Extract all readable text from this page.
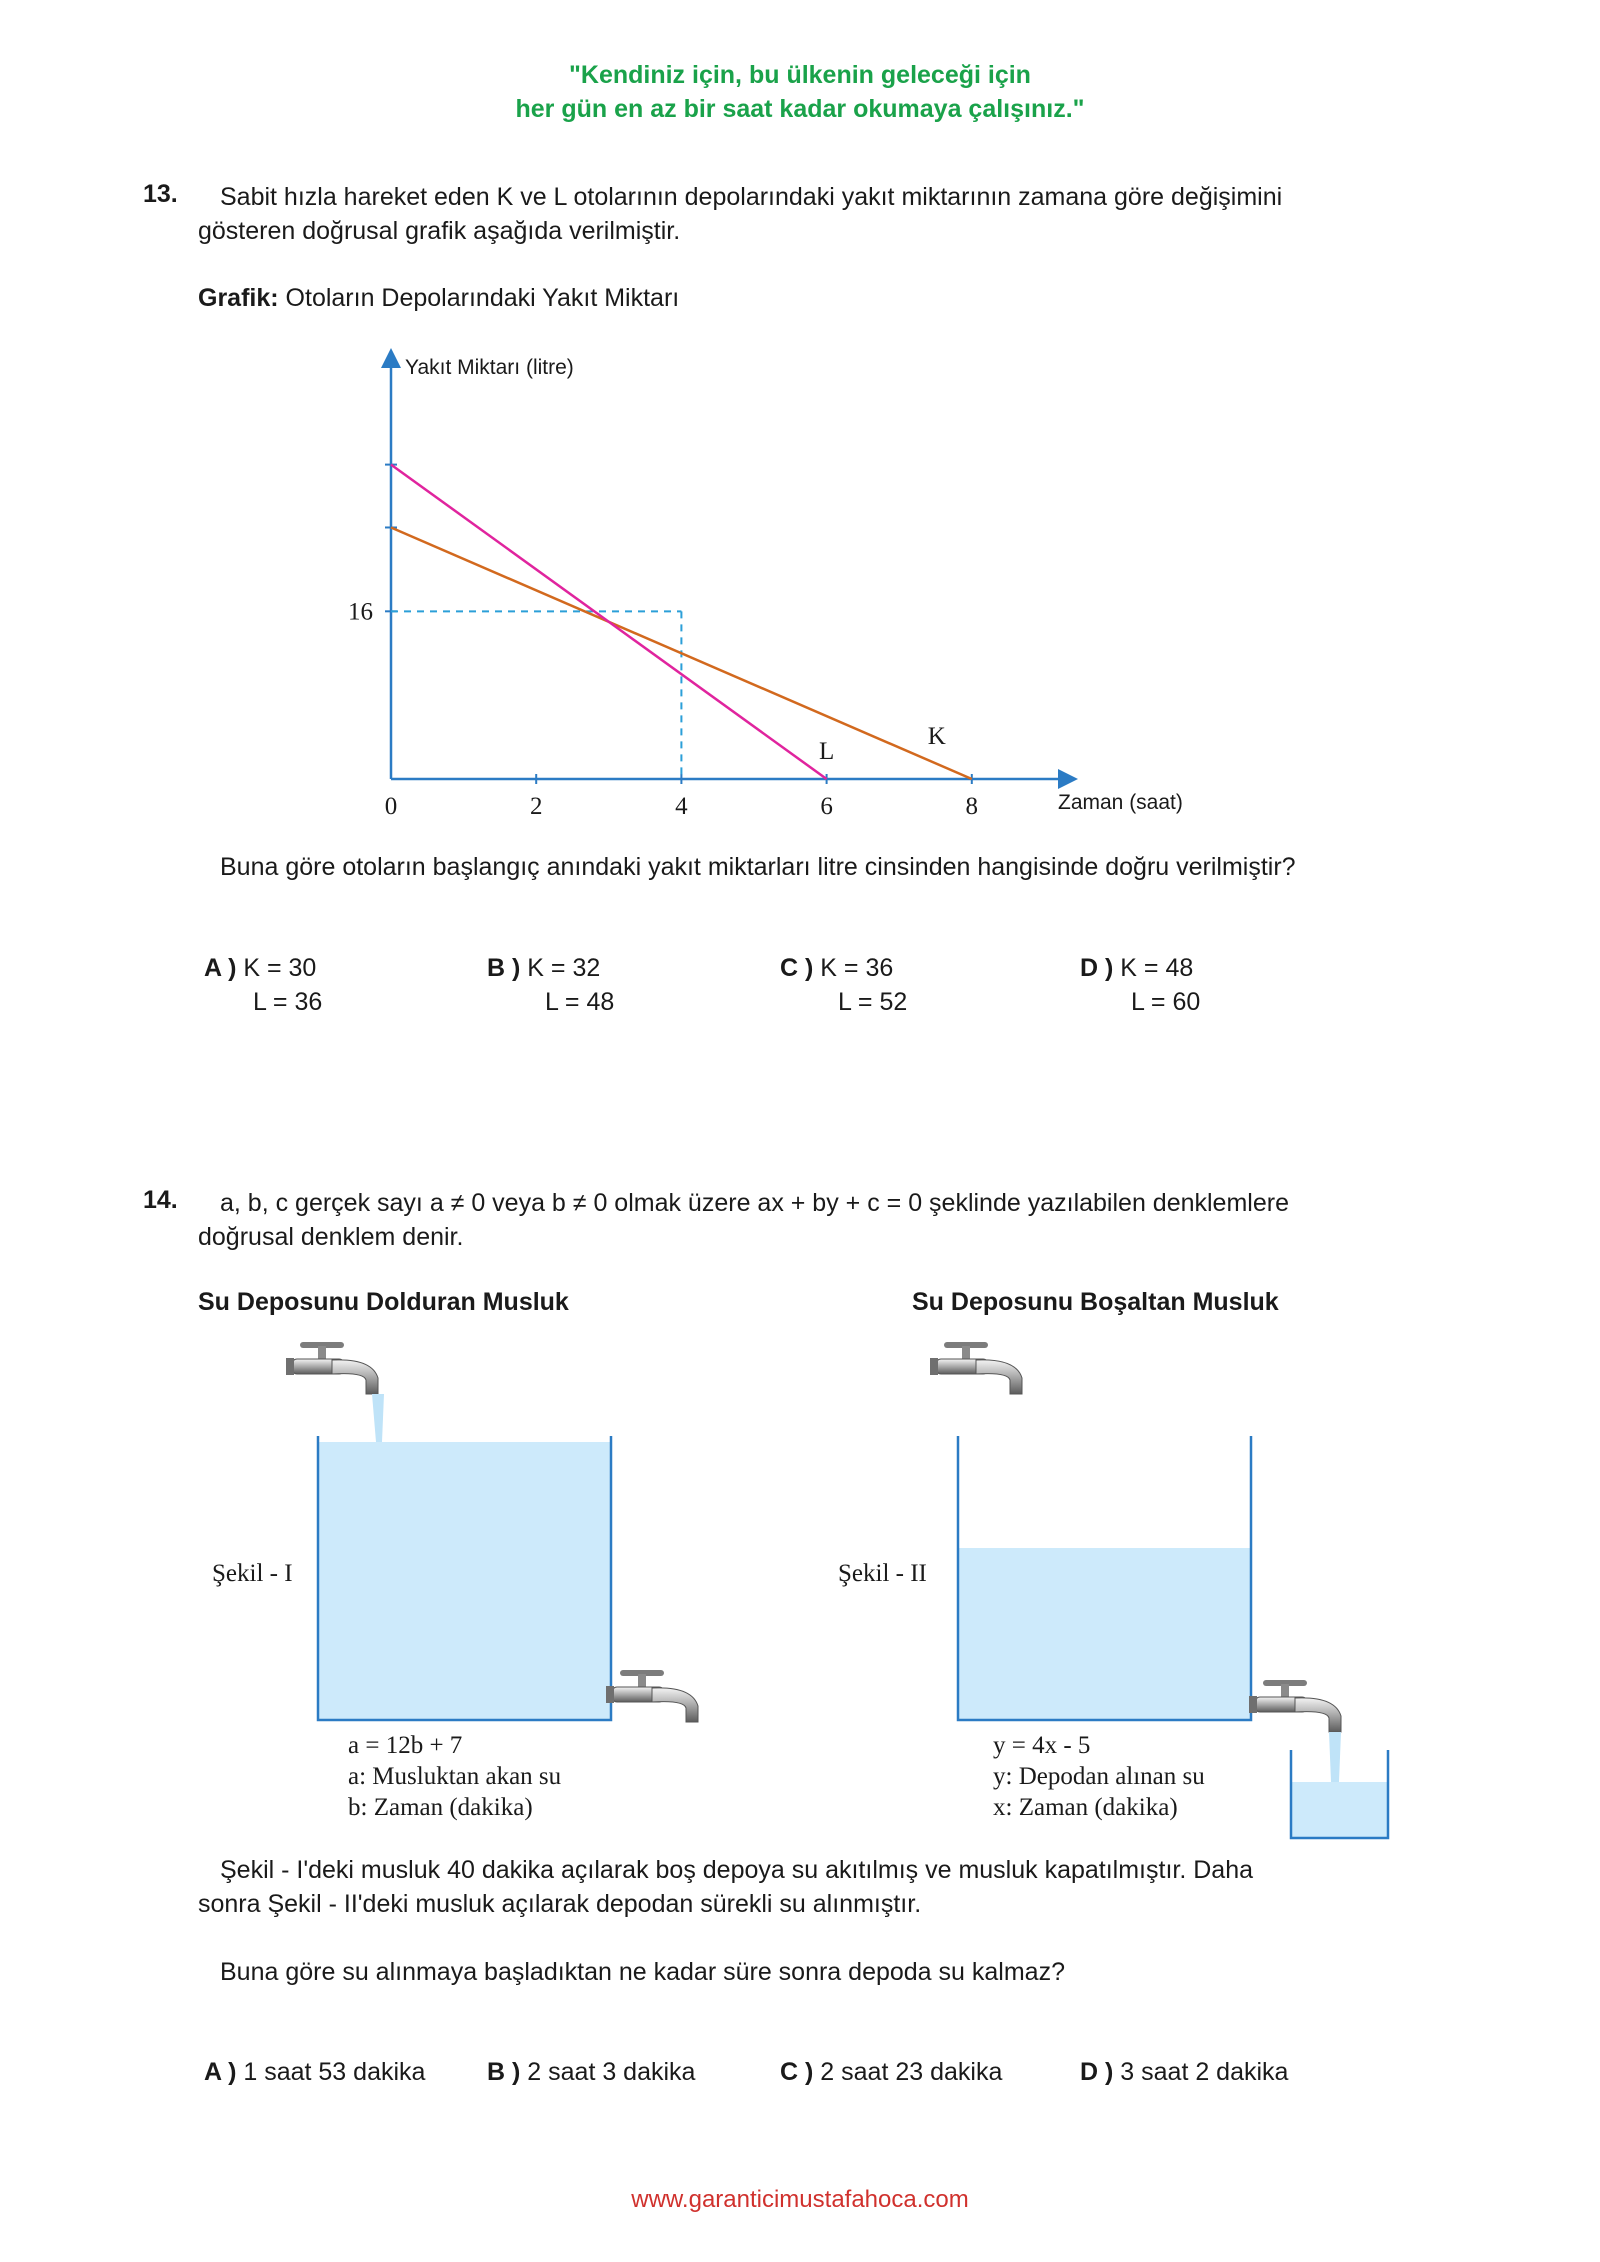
"Kendiniz için, bu ülkenin geleceği için
her gün en az bir saat kadar okumaya çalışınız."
13. Sabit hızla hareket eden K ve L otolarının depolarındaki yakıt miktarının zamana göre değişimini
gösteren doğrusal grafik aşağıda verilmiştir.
Grafik: Otoların Depolarındaki Yakıt Miktarı
0	2	4	6	8
16
K
L
Yakıt Miktarı (litre)
Zaman (saat)
Buna göre otoların başlangıç anındaki yakıt miktarları litre cinsinden hangisinde doğru verilmiştir?
A ) K = 30
L = 36
B ) K = 32
L = 48
C ) K = 36
L = 52
D ) K = 48
L = 60
14. a, b, c gerçek sayı a ≠ 0 veya b ≠ 0 olmak üzere ax + by + c = 0 şeklinde yazılabilen denklemlere
doğrusal denklem denir.
Su Deposunu Dolduran Musluk	Su Deposunu Boşaltan Musluk
Şekil - I	Şekil - II
a = 12b + 7
a: Musluktan akan su
b: Zaman (dakika)
y = 4x - 5
y: Depodan alınan su
x: Zaman (dakika)
Şekil - I'deki musluk 40 dakika açılarak boş depoya su akıtılmış ve musluk kapatılmıştır. Daha
sonra Şekil - II'deki musluk açılarak depodan sürekli su alınmıştır.
Buna göre su alınmaya başladıktan ne kadar süre sonra depoda su kalmaz?
A ) 1 saat 53 dakika B ) 2 saat 3 dakika	C ) 2 saat 23 dakika	D ) 3 saat 2 dakika
www.garanticimustafahoca.com
